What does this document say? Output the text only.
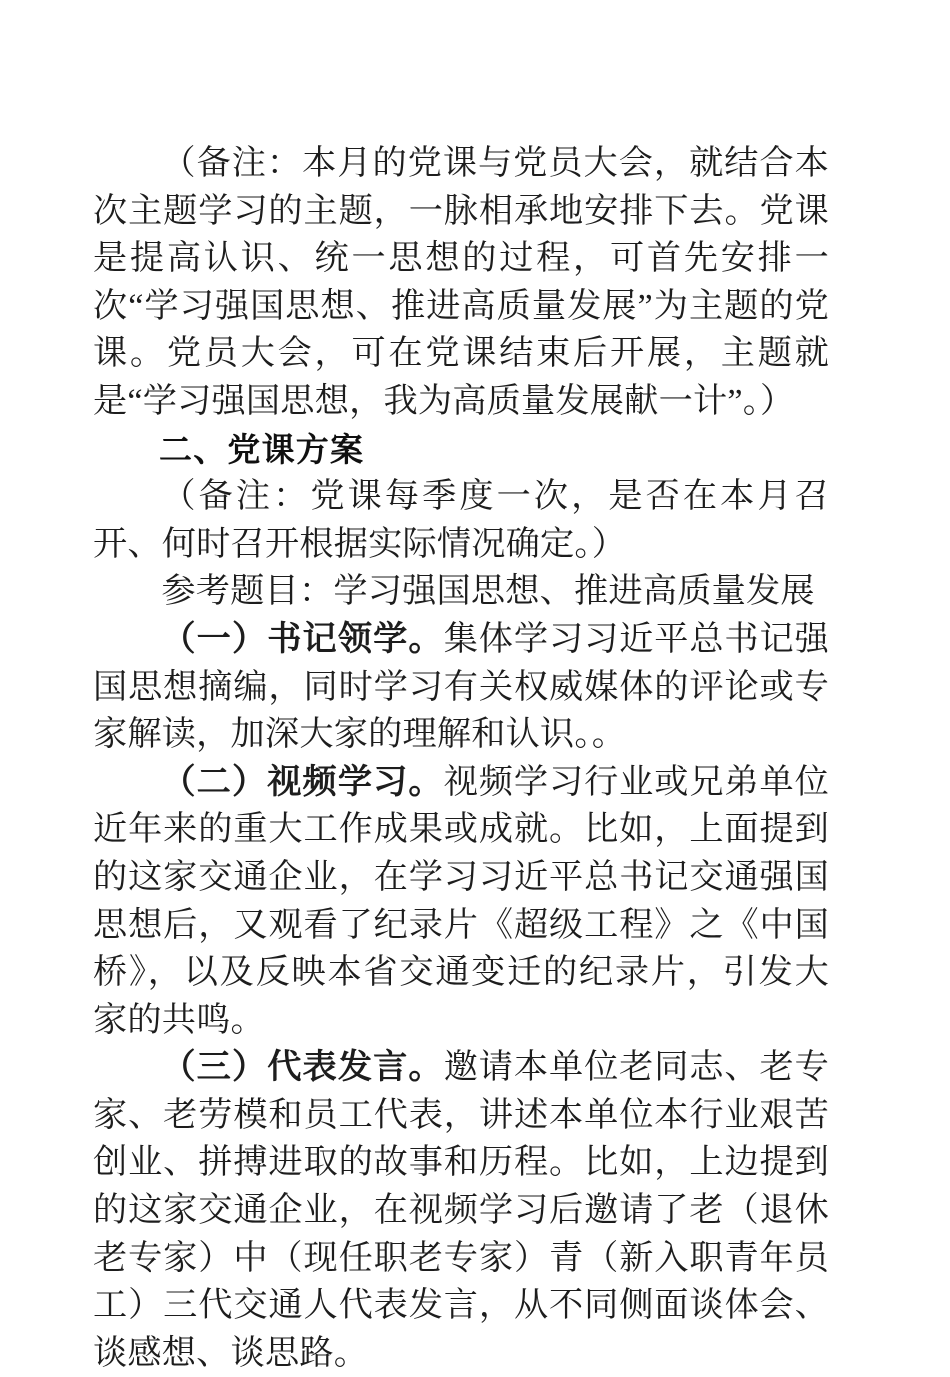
（备注：本月的党课与党员大会，就结合本次主题学习的主题，一脉相承地安排下去。党课是提高认识、统一思想的过程，可首先安排一次“学习强国思想、推进高质量发展”为主题的党课。党员大会，可在党课结束后开展，主题就是“学习强国思想，我为高质量发展献一计”。）

二、党课方案

（备注：党课每季度一次，是否在本月召开、何时召开根据实际情况确定。）

参考题目：学习强国思想、推进高质量发展

（一）书记领学。集体学习习近平总书记强国思想摘编，同时学习有关权威媒体的评论或专家解读，加深大家的理解和认识。。

（二）视频学习。视频学习行业或兄弟单位近年来的重大工作成果或成就。比如，上面提到的这家交通企业，在学习习近平总书记交通强国思想后，又观看了纪录片《超级工程》之《中国桥》，以及反映本省交通变迁的纪录片，引发大家的共鸣。

（三）代表发言。邀请本单位老同志、老专家、老劳模和员工代表，讲述本单位本行业艰苦创业、拼搏进取的故事和历程。比如，上边提到的这家交通企业，在视频学习后邀请了老（退休老专家）中（现任职老专家）青（新入职青年员工）三代交通人代表发言，从不同侧面谈体会、谈感想、谈思路。
